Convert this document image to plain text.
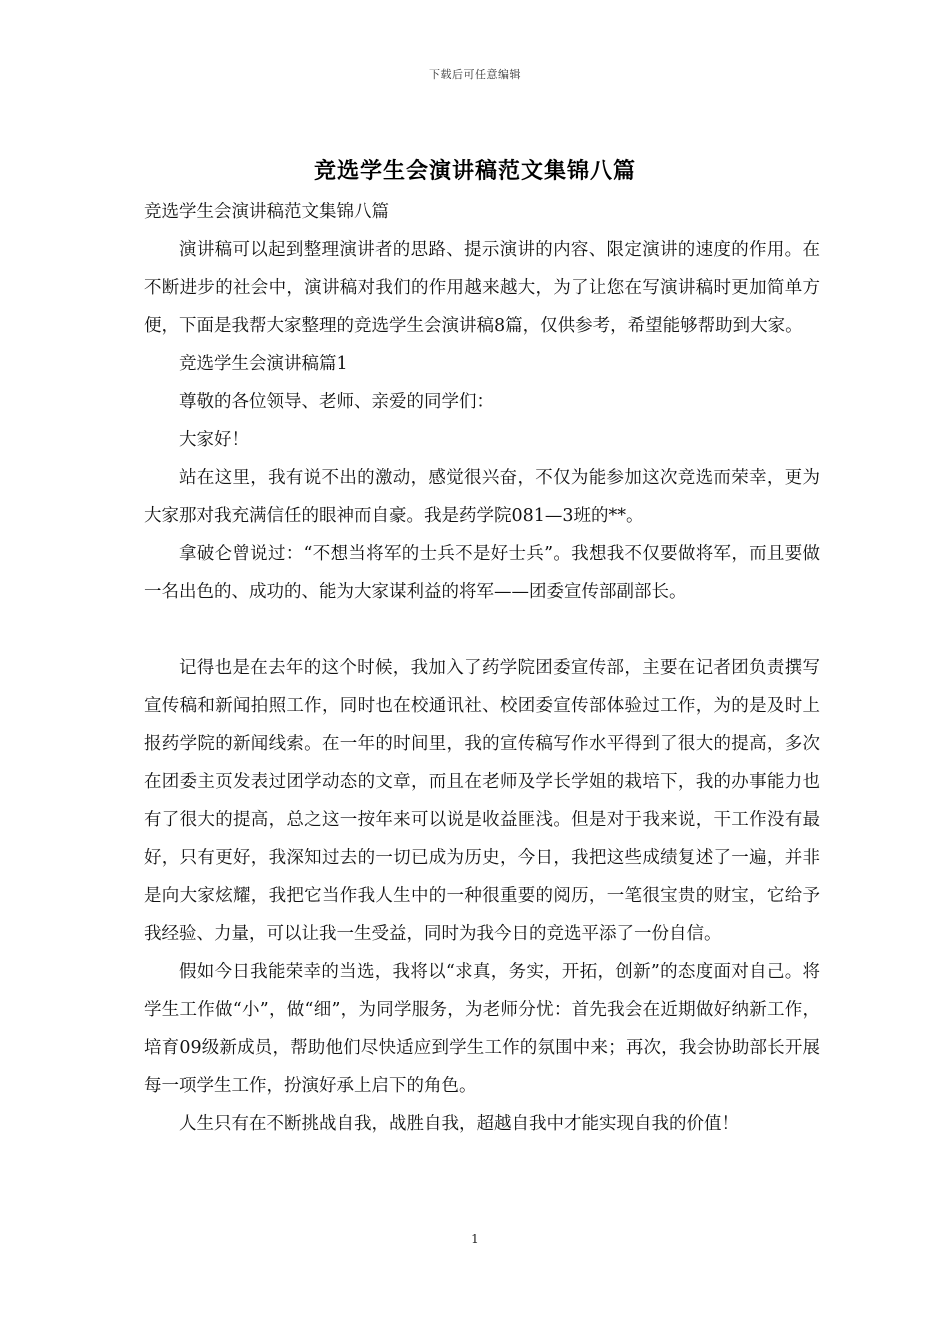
下载后可任意编辑
竞选学生会演讲稿范文集锦八篇

竞选学生会演讲稿范文集锦八篇

演讲稿可以起到整理演讲者的思路、提示演讲的内容、限定演讲的速度的作用。在不断进步的社会中，演讲稿对我们的作用越来越大，为了让您在写演讲稿时更加简单方便，下面是我帮大家整理的竞选学生会演讲稿8篇，仅供参考，希望能够帮助到大家。

竞选学生会演讲稿篇1

尊敬的各位领导、老师、亲爱的同学们：

大家好！

站在这里，我有说不出的激动，感觉很兴奋，不仅为能参加这次竞选而荣幸，更为大家那对我充满信任的眼神而自豪。我是药学院081—3班的**。

拿破仑曾说过：“不想当将军的士兵不是好士兵”。我想我不仅要做将军，而且要做一名出色的、成功的、能为大家谋利益的将军——团委宣传部副部长。

记得也是在去年的这个时候，我加入了药学院团委宣传部，主要在记者团负责撰写宣传稿和新闻拍照工作，同时也在校通讯社、校团委宣传部体验过工作，为的是及时上报药学院的新闻线索。在一年的时间里，我的宣传稿写作水平得到了很大的提高，多次在团委主页发表过团学动态的文章，而且在老师及学长学姐的栽培下，我的办事能力也有了很大的提高，总之这一按年来可以说是收益匪浅。但是对于我来说，干工作没有最好，只有更好，我深知过去的一切已成为历史，今日，我把这些成绩复述了一遍，并非是向大家炫耀，我把它当作我人生中的一种很重要的阅历，一笔很宝贵的财宝，它给予我经验、力量，可以让我一生受益，同时为我今日的竞选平添了一份自信。

假如今日我能荣幸的当选，我将以“求真，务实，开拓，创新”的态度面对自己。将学生工作做“小”，做“细”，为同学服务，为老师分忧：首先我会在近期做好纳新工作，培育09级新成员，帮助他们尽快适应到学生工作的氛围中来；再次，我会协助部长开展每一项学生工作，扮演好承上启下的角色。

人生只有在不断挑战自我，战胜自我，超越自我中才能实现自我的价值！

1
